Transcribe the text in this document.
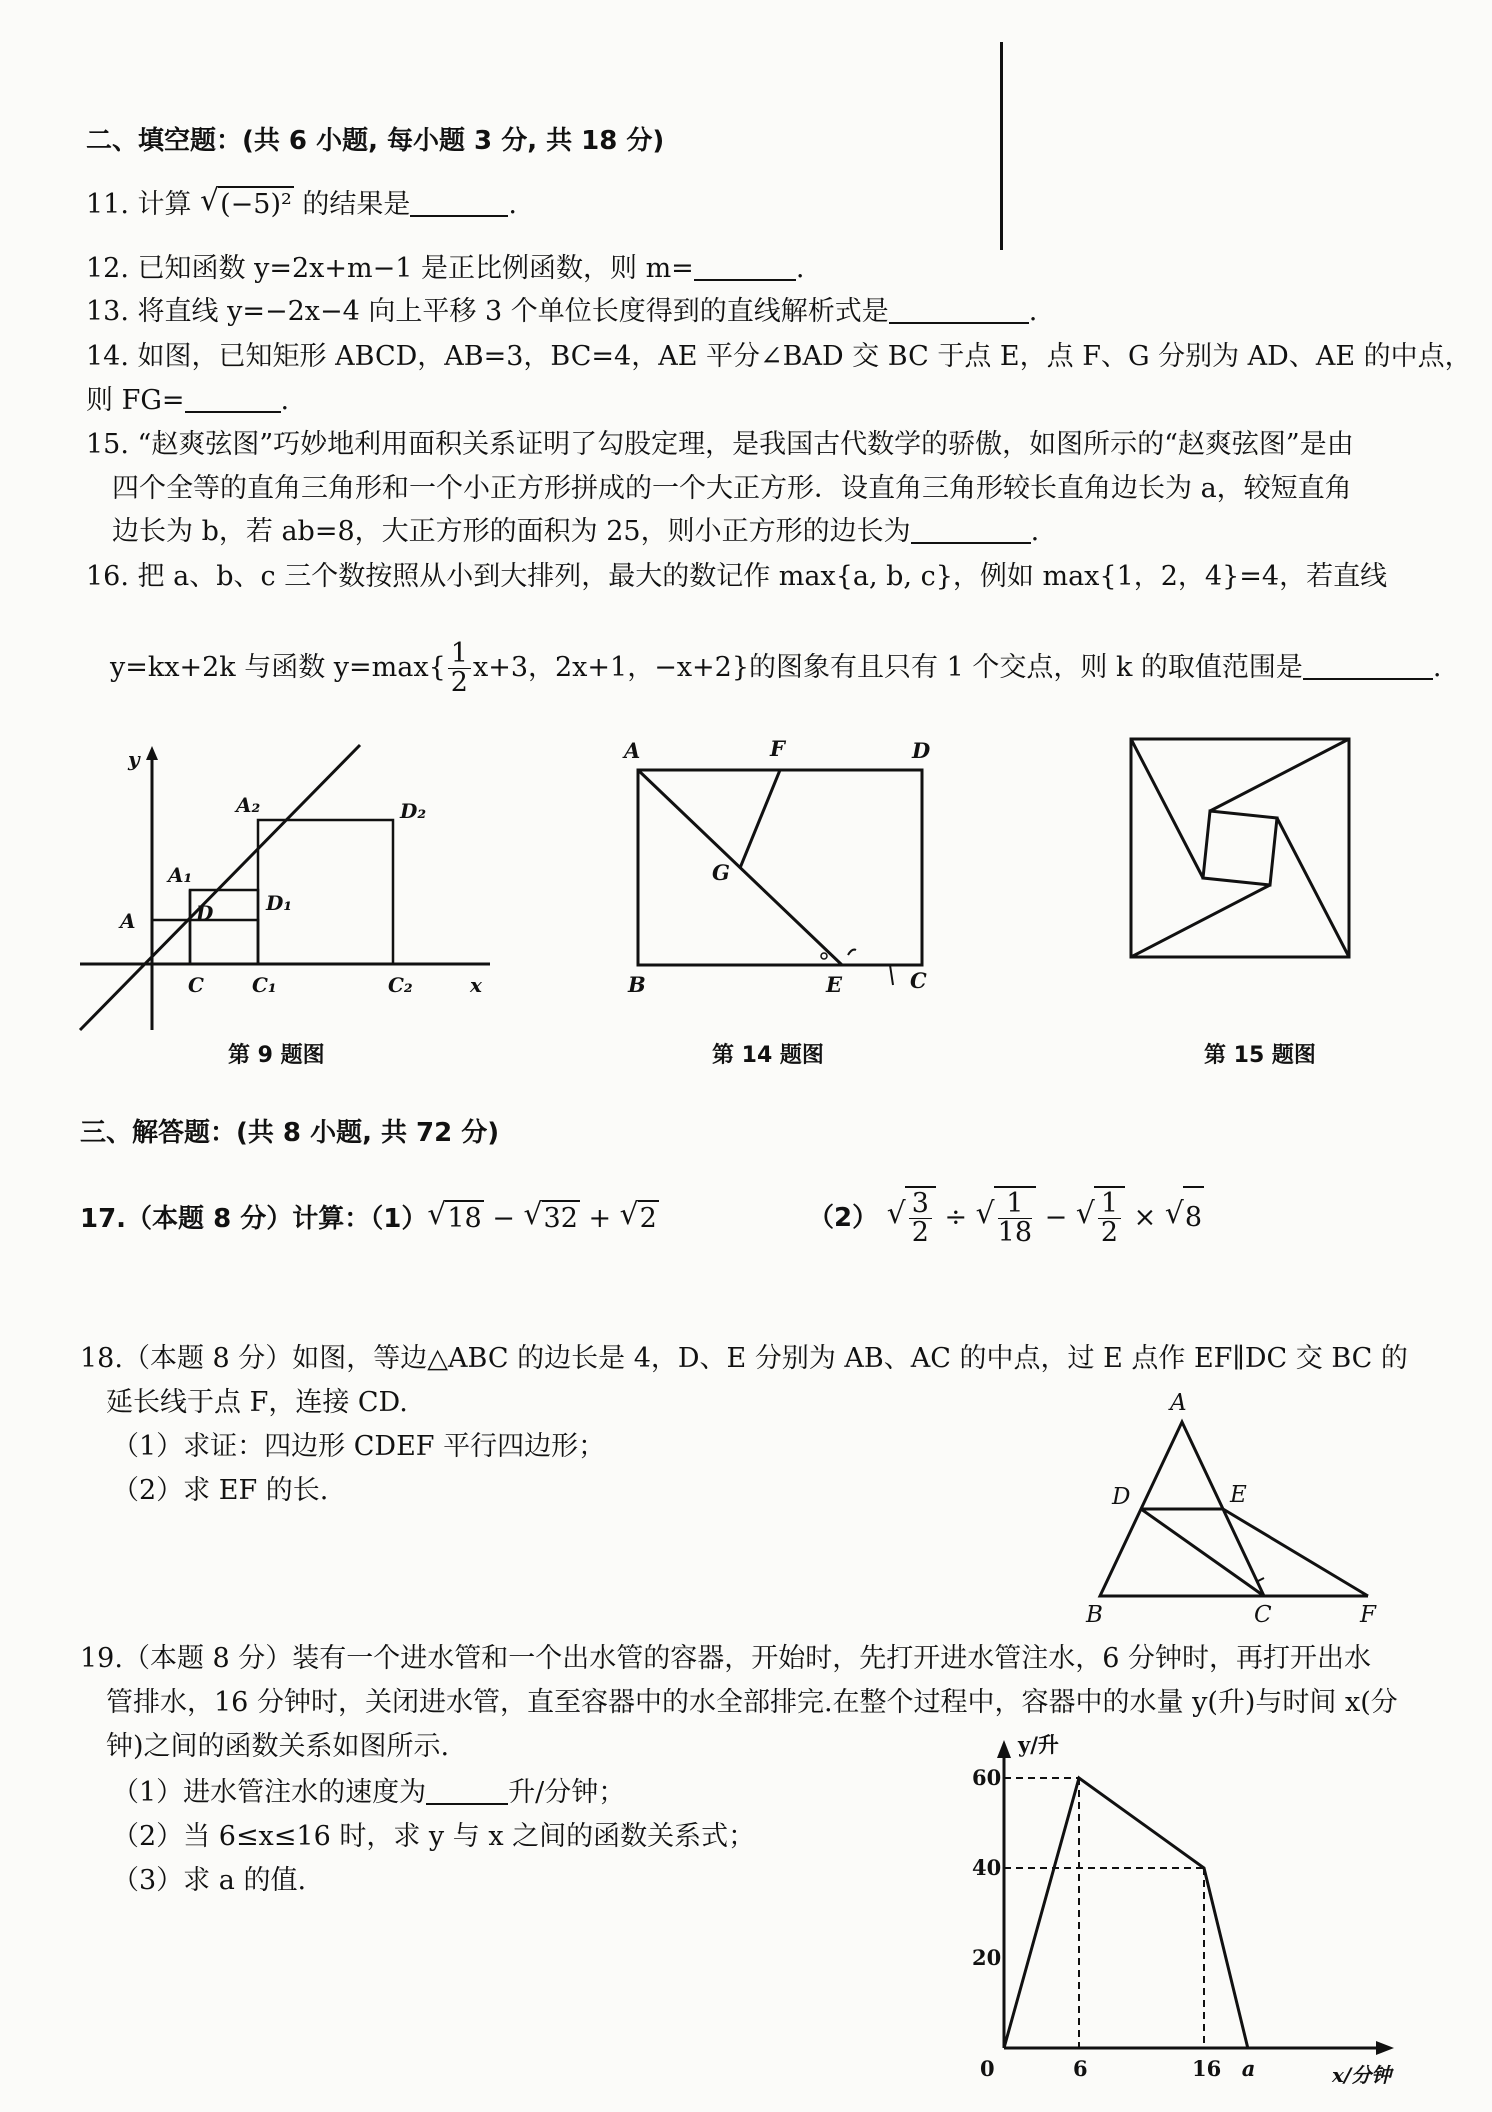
二、填空题：(共 6 小题, 每小题 3 分, 共 18 分)
11. 计算 √ (−5)² 的结果是	.
12. 已知函数 y=2x+m−1 是正比例函数，则 m=	.
13. 将直线 y=−2x−4 向上平移 3 个单位长度得到的直线解析式是	.
14. 如图，已知矩形 ABCD，AB=3，BC=4，AE 平分∠BAD 交 BC 于点 E，点 F、G 分别为 AD、AE 的中点，
则 FG=	.
15. “赵爽弦图”巧妙地利用面积关系证明了勾股定理，是我国古代数学的骄傲，如图所示的“赵爽弦图”是由
四个全等的直角三角形和一个小正方形拼成的一个大正方形．设直角三角形较长直角边长为 a，较短直角
边长为 b，若 ab=8，大正方形的面积为 25，则小正方形的边长为	.
16. 把 a、b、c 三个数按照从小到大排列，最大的数记作 max{a, b, c}，例如 max{1，2，4}=4，若直线
y=kx+2k 与函数 $y=\max\{ \frac{1}{2} x+3$，2x+1，−x+2}的图象有且只有 1 个交点，则 k 的取值范围是	.
y
x
A
A₁
A₂
D	D₁
D₂
C C₁	C₂
第 9 题图
A	F	D
G
B	E	C
第 14 题图	第 15 题图
三、解答题：(共 8 小题, 共 72 分)
17.（本题 8 分）计算：（1） √ 18 − √ 32 + √ 2	（2） √ $\frac{3}{2}$ ÷ √ $\frac{1}{18}$ − √ $\frac{1}{2}$ × √ 8
18.（本题 8 分）如图，等边△ABC 的边长是 4，D、E 分别为 AB、AC 的中点，过 E 点作 EF∥DC 交 BC 的
延长线于点 F，连接 CD.
（1）求证：四边形 CDEF 平行四边形；
（2）求 EF 的长.
A
D	E
B	C	F
19.（本题 8 分）装有一个进水管和一个出水管的容器，开始时，先打开进水管注水，6 分钟时，再打开出水
管排水，16 分钟时，关闭进水管，直至容器中的水全部排完.在整个过程中，容器中的水量 y(升)与时间 x(分
钟)之间的函数关系如图所示.
（1）进水管注水的速度为	升/分钟；
（2）当 6≤x≤16 时，求 y 与 x 之间的函数关系式；
（3）求 a 的值.
0	6	16 a
20
40
60
y/升
x/分钟
